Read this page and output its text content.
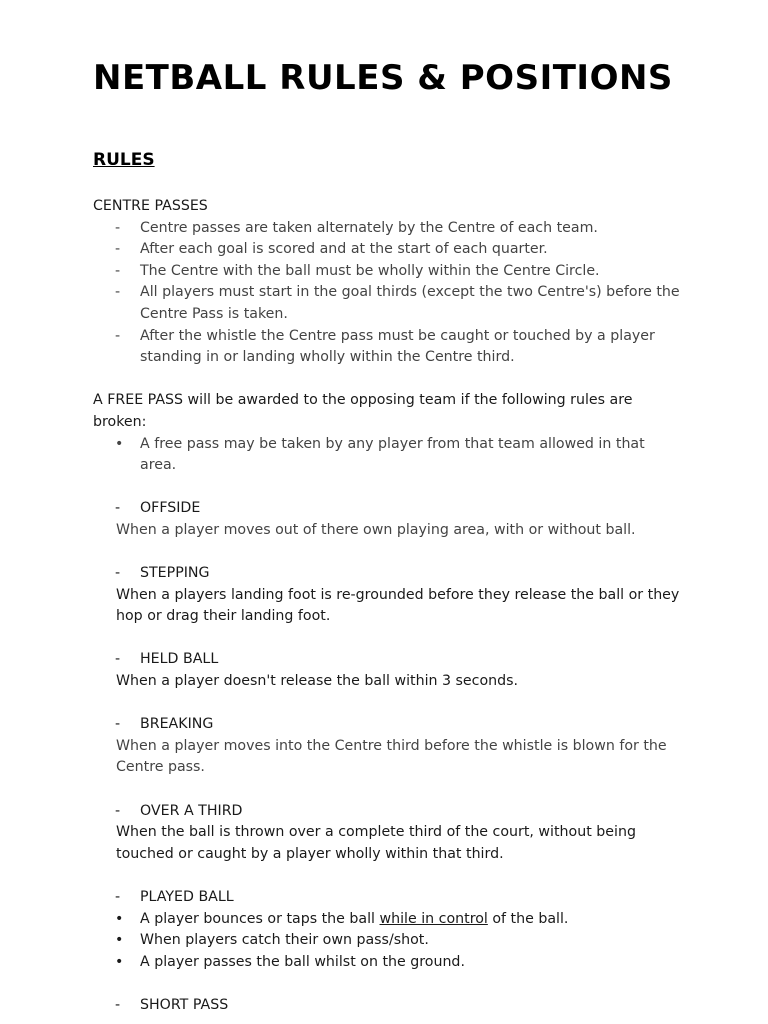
NETBALL RULES & POSITIONS
RULES

CENTRE PASSES

- Centre passes are taken alternately by the Centre of each team.
- After each goal is scored and at the start of each quarter.
- The Centre with the ball must be wholly within the Centre Circle.
- All players must start in the goal thirds (except the two Centre's) before the Centre Pass is taken.
- After the whistle the Centre pass must be caught or touched by a player standing in or landing wholly within the Centre third.

A FREE PASS will be awarded to the opposing team if the following rules are broken:

• A free pass may be taken by any player from that team allowed in that area.

- OFFSIDE

When a player moves out of there own playing area, with or without ball.

- STEPPING

When a players landing foot is re-grounded before they release the ball or they hop or drag their landing foot.

- HELD BALL

When a player doesn't release the ball within 3 seconds.

- BREAKING

When a player moves into the Centre third before the whistle is blown for the Centre pass.

- OVER A THIRD

When the ball is thrown over a complete third of the court, without being touched or caught by a player wholly within that third.

- PLAYED BALL

• A player bounces or taps the ball while in control of the ball.
• When players catch their own pass/shot.
• A player passes the ball whilst on the ground.

- SHORT PASS
